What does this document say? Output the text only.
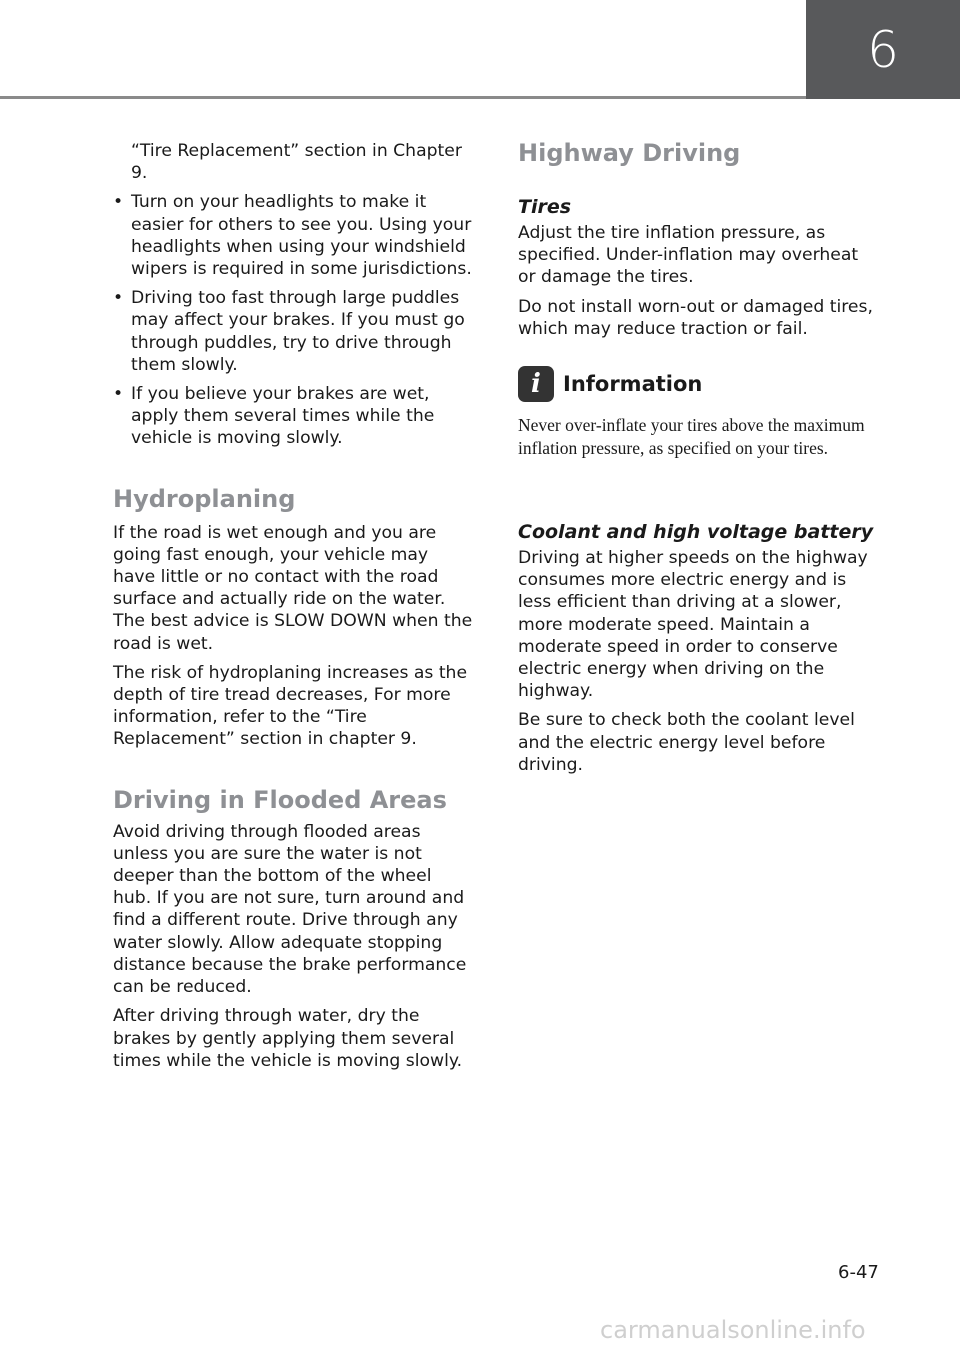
6

“Tire Replacement” section in Chapter 9.

• Turn on your headlights to make it easier for others to see you. Using your headlights when using your windshield wipers is required in some jurisdictions.
• Driving too fast through large puddles may affect your brakes. If you must go through puddles, try to drive through them slowly.
• If you believe your brakes are wet, apply them several times while the vehicle is moving slowly.
Hydroplaning

If the road is wet enough and you are going fast enough, your vehicle may have little or no contact with the road surface and actually ride on the water. The best advice is SLOW DOWN when the road is wet.

The risk of hydroplaning increases as the depth of tire tread decreases, For more information, refer to the “Tire Replacement” section in chapter 9.

Driving in Flooded Areas

Avoid driving through flooded areas unless you are sure the water is not deeper than the bottom of the wheel hub. If you are not sure, turn around and find a different route. Drive through any water slowly. Allow adequate stopping distance because the brake performance can be reduced.

After driving through water, dry the brakes by gently applying them several times while the vehicle is moving slowly.

Highway Driving
Tires

Adjust the tire inflation pressure, as specified. Under-inflation may overheat or damage the tires.

Do not install worn-out or damaged tires, which may reduce traction or fail.

i	Information
Never over-inflate your tires above the maximum inflation pressure, as specified on your tires.
Coolant and high voltage battery

Driving at higher speeds on the highway consumes more electric energy and is less efficient than driving at a slower, more moderate speed. Maintain a moderate speed in order to conserve electric energy when driving on the highway.

Be sure to check both the coolant level and the electric energy level before driving.

6-47
carmanualsonline.info
